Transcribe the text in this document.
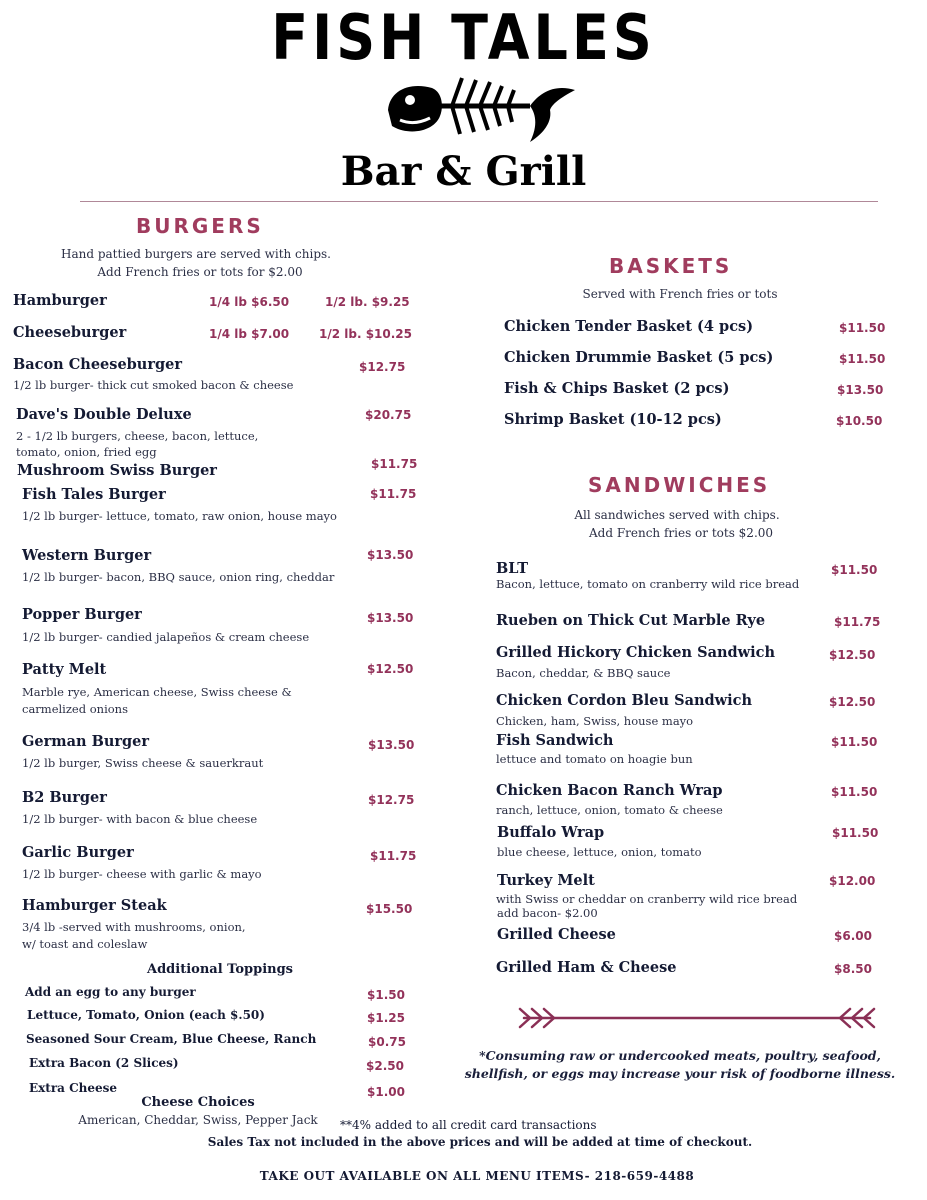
FISH TALES
Bar & Grill
BURGERS
Hand pattied burgers are served with chips.
Add French fries or tots for $2.00
Hamburger	1/4 lb $6.50	1/2 lb. $9.25
Cheeseburger	1/4 lb $7.00 1/2 lb. $10.25
Bacon Cheeseburger	$12.75
1/2 lb burger- thick cut smoked bacon & cheese
Dave's Double Deluxe	$20.75
2 - 1/2 lb burgers, cheese, bacon, lettuce,
tomato, onion, fried egg
Mushroom Swiss Burger	$11.75
Fish Tales Burger	$11.75
1/2 lb burger- lettuce, tomato, raw onion, house mayo
Western Burger	$13.50
1/2 lb burger- bacon, BBQ sauce, onion ring, cheddar
Popper Burger	$13.50
1/2 lb burger- candied jalapeños & cream cheese
Patty Melt	$12.50
Marble rye, American cheese, Swiss cheese &
carmelized onions
German Burger	$13.50
1/2 lb burger, Swiss cheese & sauerkraut
B2 Burger	$12.75
1/2 lb burger- with bacon & blue cheese
Garlic Burger	$11.75
1/2 lb burger- cheese with garlic & mayo
Hamburger Steak	$15.50
3/4 lb -served with mushrooms, onion,
w/ toast and coleslaw
Additional Toppings
Add an egg to any burger	$1.50
Lettuce, Tomato, Onion (each $.50)	$1.25
Seasoned Sour Cream, Blue Cheese, Ranch	$0.75
Extra Bacon (2 Slices)	$2.50
Extra Cheese	$1.00
Cheese Choices
American, Cheddar, Swiss, Pepper Jack
BASKETS
Served with French fries or tots
Chicken Tender Basket (4 pcs)	$11.50
Chicken Drummie Basket (5 pcs)	$11.50
Fish & Chips Basket (2 pcs)	$13.50
Shrimp Basket (10-12 pcs)	$10.50
SANDWICHES
All sandwiches served with chips.
Add French fries or tots $2.00
BLT	$11.50
Bacon, lettuce, tomato on cranberry wild rice bread
Rueben on Thick Cut Marble Rye	$11.75
Grilled Hickory Chicken Sandwich	$12.50
Bacon, cheddar, & BBQ sauce
Chicken Cordon Bleu Sandwich	$12.50
Chicken, ham, Swiss, house mayo
Fish Sandwich	$11.50
lettuce and tomato on hoagie bun
Chicken Bacon Ranch Wrap	$11.50
ranch, lettuce, onion, tomato & cheese
Buffalo Wrap	$11.50
blue cheese, lettuce, onion, tomato
Turkey Melt	$12.00
with Swiss or cheddar on cranberry wild rice bread
add bacon- $2.00
Grilled Cheese	$6.00
Grilled Ham & Cheese	$8.50
*Consuming raw or undercooked meats, poultry, seafood,
shellfish, or eggs may increase your risk of foodborne illness.
**4% added to all credit card transactions
Sales Tax not included in the above prices and will be added at time of checkout.
TAKE OUT AVAILABLE ON ALL MENU ITEMS- 218-659-4488
